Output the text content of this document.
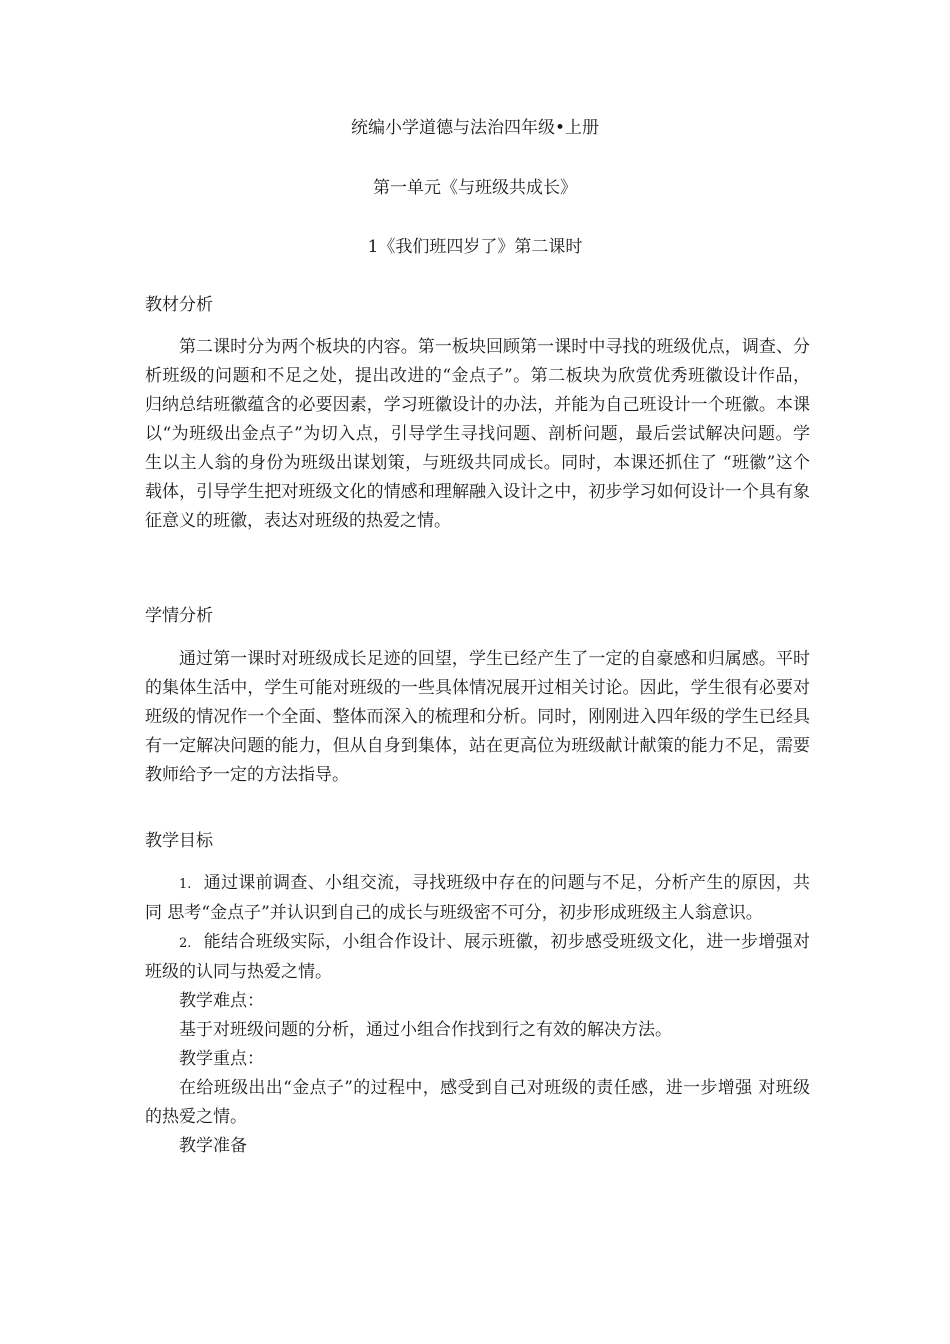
统编小学道德与法治四年级•上册
第一单元《与班级共成长》
1《我们班四岁了》第二课时
教材分析

第二课时分为两个板块的内容。第一板块回顾第一课时中寻找的班级优点，调查、分 析班级的问题和不足之处，提出改进的“金点子”。第二板块为欣赏优秀班徽设计作品， 归纳总结班徽蕴含的必要因素，学习班徽设计的办法，并能为自己班设计一个班徽。本课以“为班级出金点子”为切入点，引导学生寻找问题、剖析问题，最后尝试解决问题。学 生以主人翁的身份为班级出谋划策，与班级共同成长。同时，本课还抓住了 “班徽”这个 载体，引导学生把对班级文化的情感和理解融入设计之中，初步学习如何设计一个具有象 征意义的班徽，表达对班级的热爱之情。

学情分析

通过第一课时对班级成长足迹的回望，学生已经产生了一定的自豪感和归属感。平时 的集体生活中，学生可能对班级的一些具体情况展开过相关讨论。因此，学生很有必要对 班级的情况作一个全面、整体而深入的梳理和分析。同时，刚刚进入四年级的学生已经具 有一定解决问题的能力，但从自身到集体，站在更高位为班级献计献策的能力不足，需要 教师给予一定的方法指导。

教学目标

1. 通过课前调查、小组交流，寻找班级中存在的问题与不足，分析产生的原因，共同 思考“金点子”并认识到自己的成长与班级密不可分，初步形成班级主人翁意识。

2. 能结合班级实际，小组合作设计、展示班徽，初步感受班级文化，进一步增强对班级的认同与热爱之情。

教学难点：

基于对班级问题的分析，通过小组合作找到行之有效的解决方法。

教学重点：

在给班级出出“金点子”的过程中，感受到自己对班级的责任感，进一步增强 对班级的热爱之情。

教学准备
